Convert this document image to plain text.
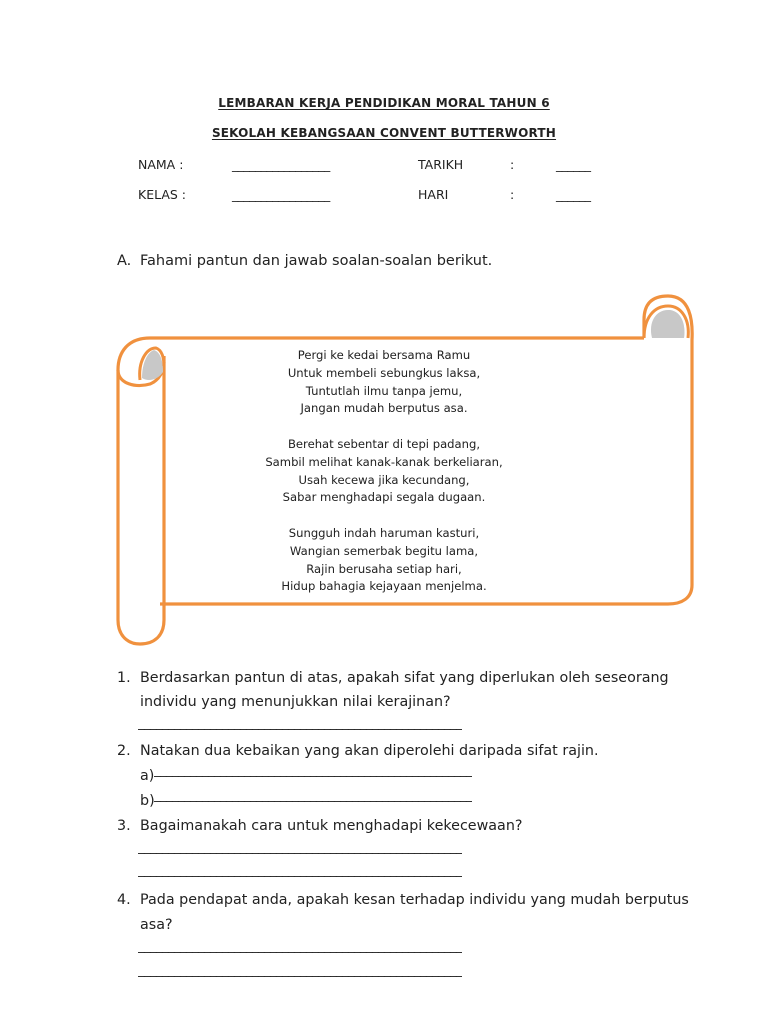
LEMBARAN KERJA PENDIDIKAN MORAL TAHUN 6
SEKOLAH KEBANGSAAN CONVENT BUTTERWORTH
NAMA :	_________________	TARIKH	:	______
KELAS :	_________________	HARI	:	______
A. Fahami pantun dan jawab soalan-soalan berikut.
Pergi ke kedai bersama Ramu
Untuk membeli sebungkus laksa,
Tuntutlah ilmu tanpa jemu,
Jangan mudah berputus asa.
Berehat sebentar di tepi padang,
Sambil melihat kanak-kanak berkeliaran,
Usah kecewa jika kecundang,
Sabar menghadapi segala dugaan.
Sungguh indah haruman kasturi,
Wangian semerbak begitu lama,
Rajin berusaha setiap hari,
Hidup bahagia kejayaan menjelma.
1. Berdasarkan pantun di atas, apakah sifat yang diperlukan oleh seseorang
individu yang menunjukkan nilai kerajinan?
______________________________________________________
2. Natakan dua kebaikan yang akan diperolehi daripada sifat rajin.
a)
b)
_____________________________________________________
_____________________________________________________
3. Bagaimanakah cara untuk menghadapi kekecewaan?
______________________________________________________
______________________________________________________
4. Pada pendapat anda, apakah kesan terhadap individu yang mudah berputus
asa?
______________________________________________________
______________________________________________________
